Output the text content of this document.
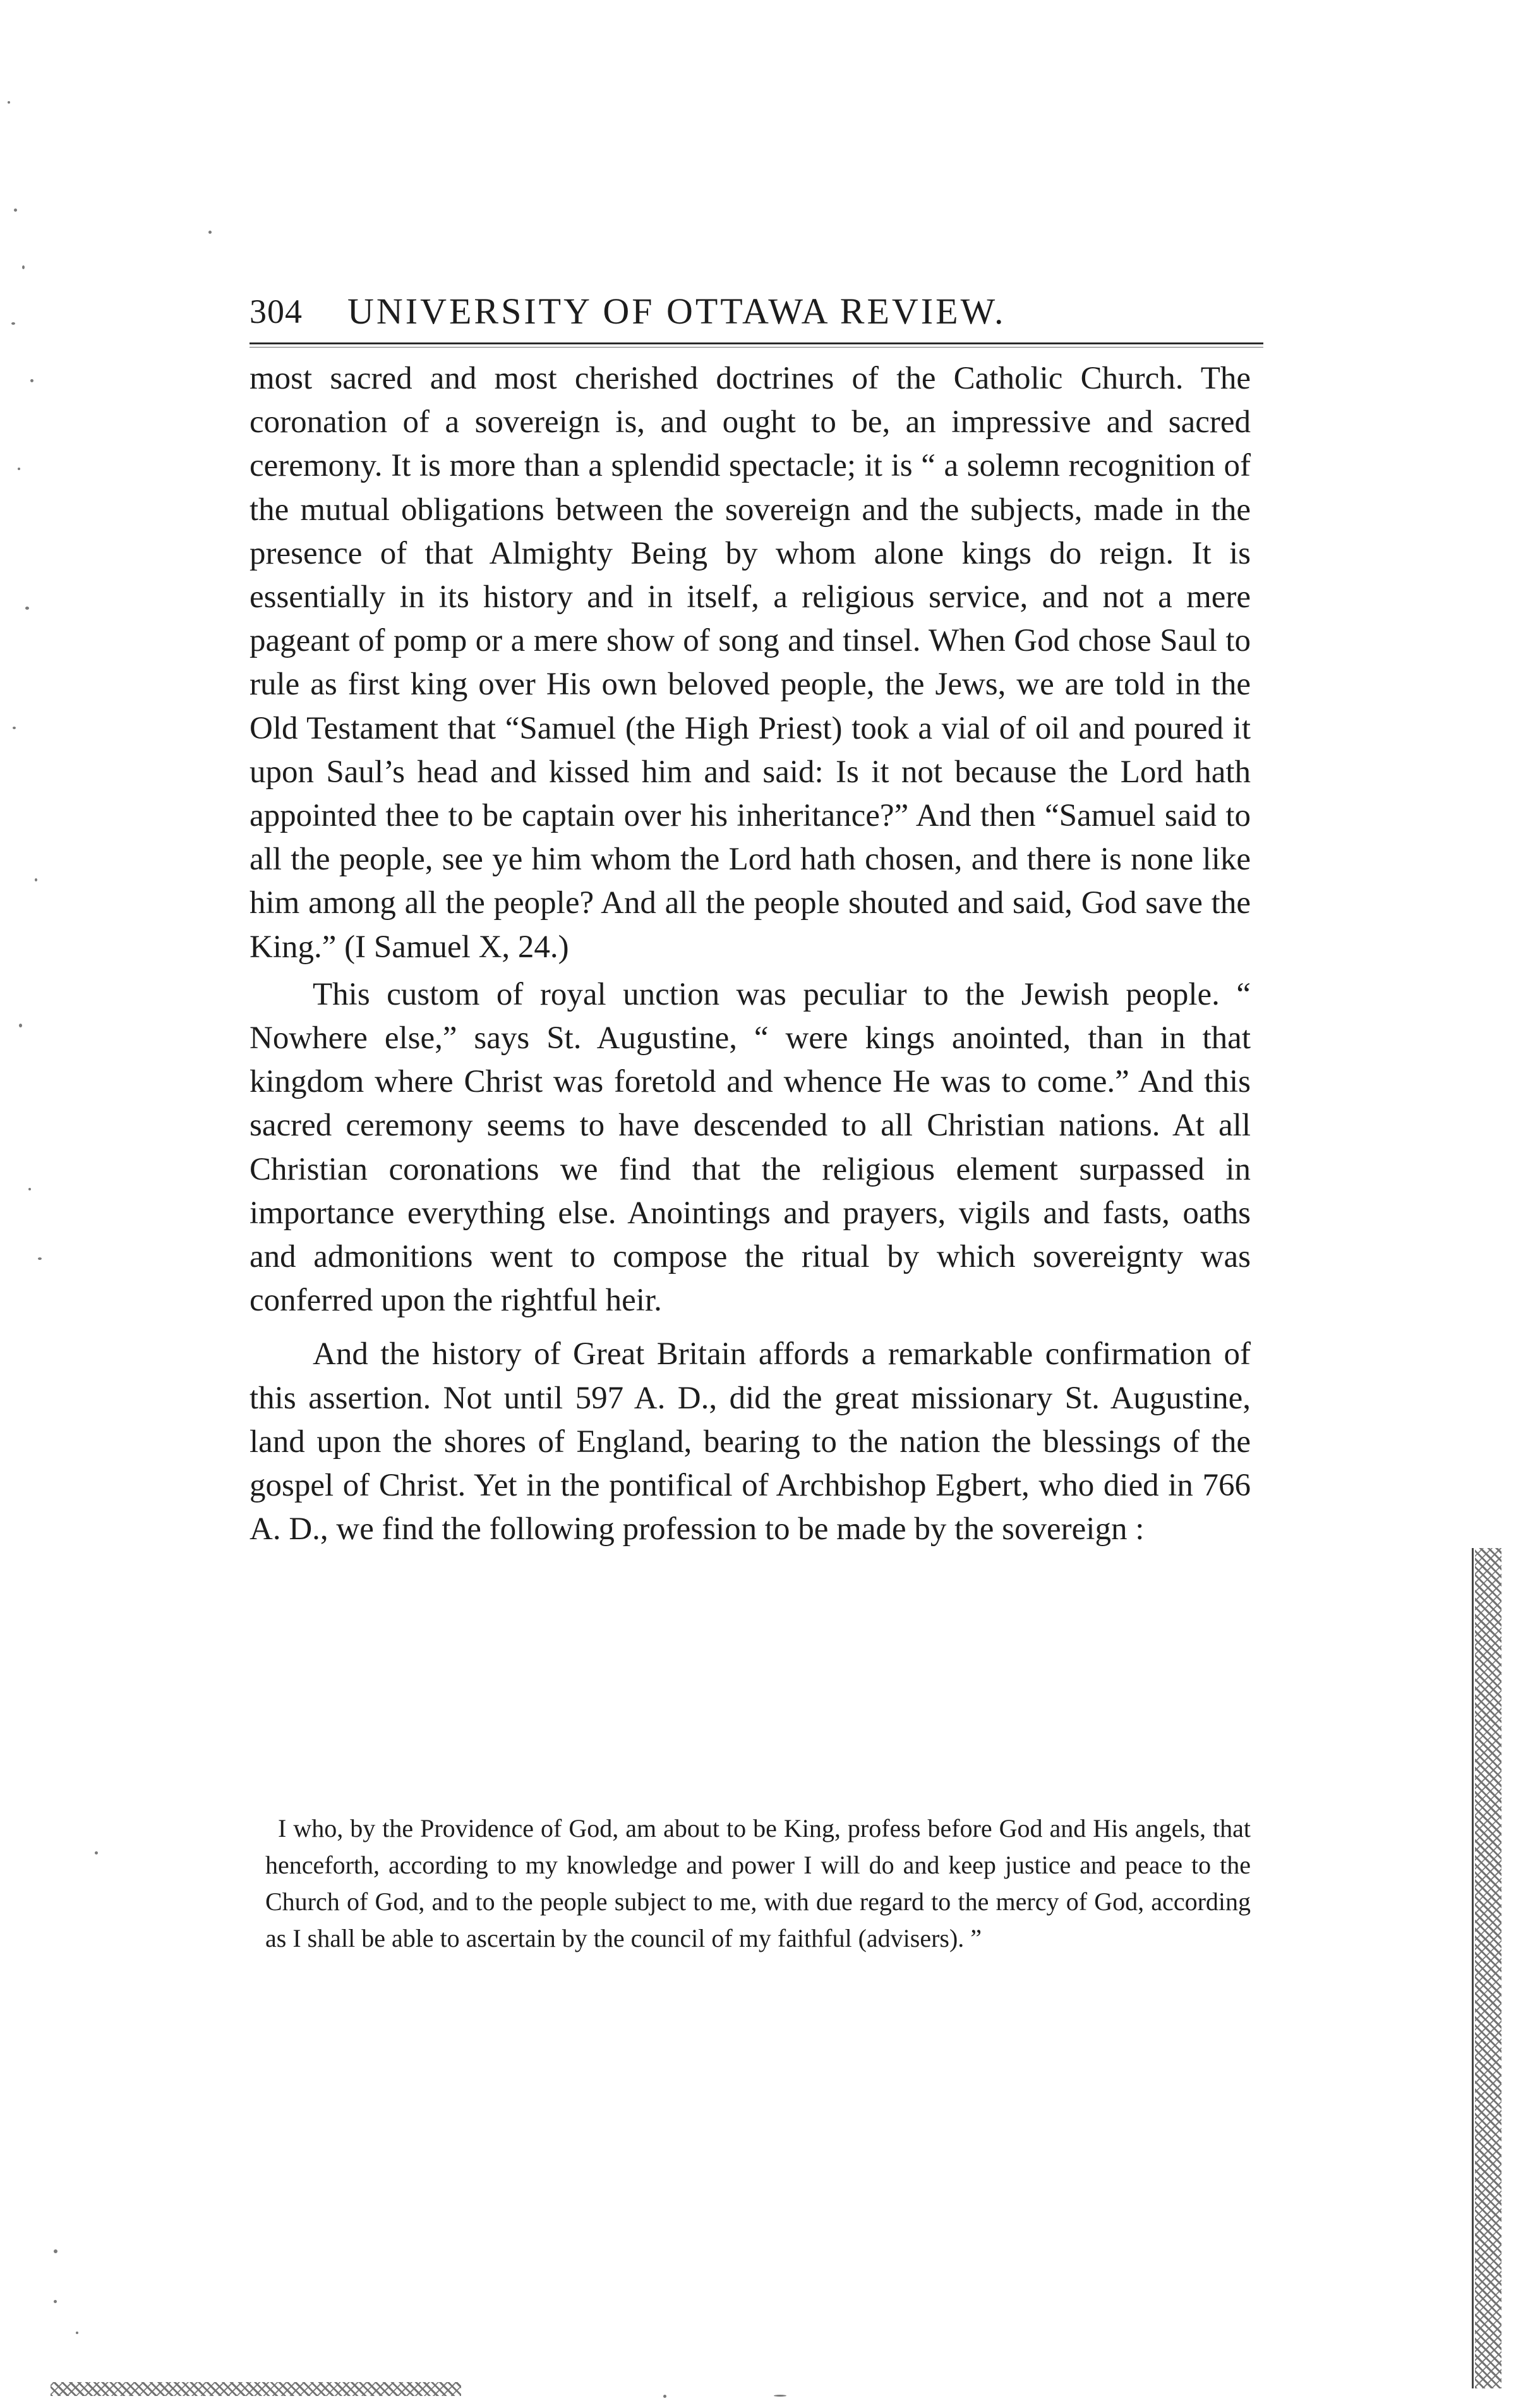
304 UNIVERSITY OF OTTAWA REVIEW.

most sacred and most cherished doctrines of the Catholic Church. The coronation of a sovereign is, and ought to be, an impressive and sacred ceremony. It is more than a splendid spectacle; it is “ a solemn recognition of the mutual obligations between the sovereign and the subjects, made in the presence of that Almighty Being by whom alone kings do reign. It is essentially in its history and in itself, a religious service, and not a mere pageant of pomp or a mere show of song and tinsel. When God chose Saul to rule as first king over His own beloved people, the Jews, we are told in the Old Testament that “Samuel (the High Priest) took a vial of oil and poured it upon Saul’s head and kissed him and said: Is it not because the Lord hath appointed thee to be captain over his inheritance?” And then “Samuel said to all the people, see ye him whom the Lord hath chosen, and there is none like him among all the people? And all the people shouted and said, God save the King.” (I Samuel X, 24.)

This custom of royal unction was peculiar to the Jewish people. “ Nowhere else,” says St. Augustine, “ were kings anointed, than in that kingdom where Christ was foretold and whence He was to come.” And this sacred ceremony seems to have descended to all Christian nations. At all Christian coronations we find that the religious element surpassed in importance everything else. Anointings and prayers, vigils and fasts, oaths and admonitions went to compose the ritual by which sovereignty was conferred upon the rightful heir.

And the history of Great Britain affords a remarkable confirmation of this assertion. Not until 597 A. D., did the great missionary St. Augustine, land upon the shores of England, bearing to the nation the blessings of the gospel of Christ. Yet in the pontifical of Archbishop Egbert, who died in 766 A. D., we find the following profession to be made by the sovereign :

I who, by the Providence of God, am about to be King, profess before God and His angels, that henceforth, according to my knowledge and power I will do and keep justice and peace to the Church of God, and to the people subject to me, with due regard to the mercy of God, according as I shall be able to ascertain by the council of my faithful (advisers). ”
